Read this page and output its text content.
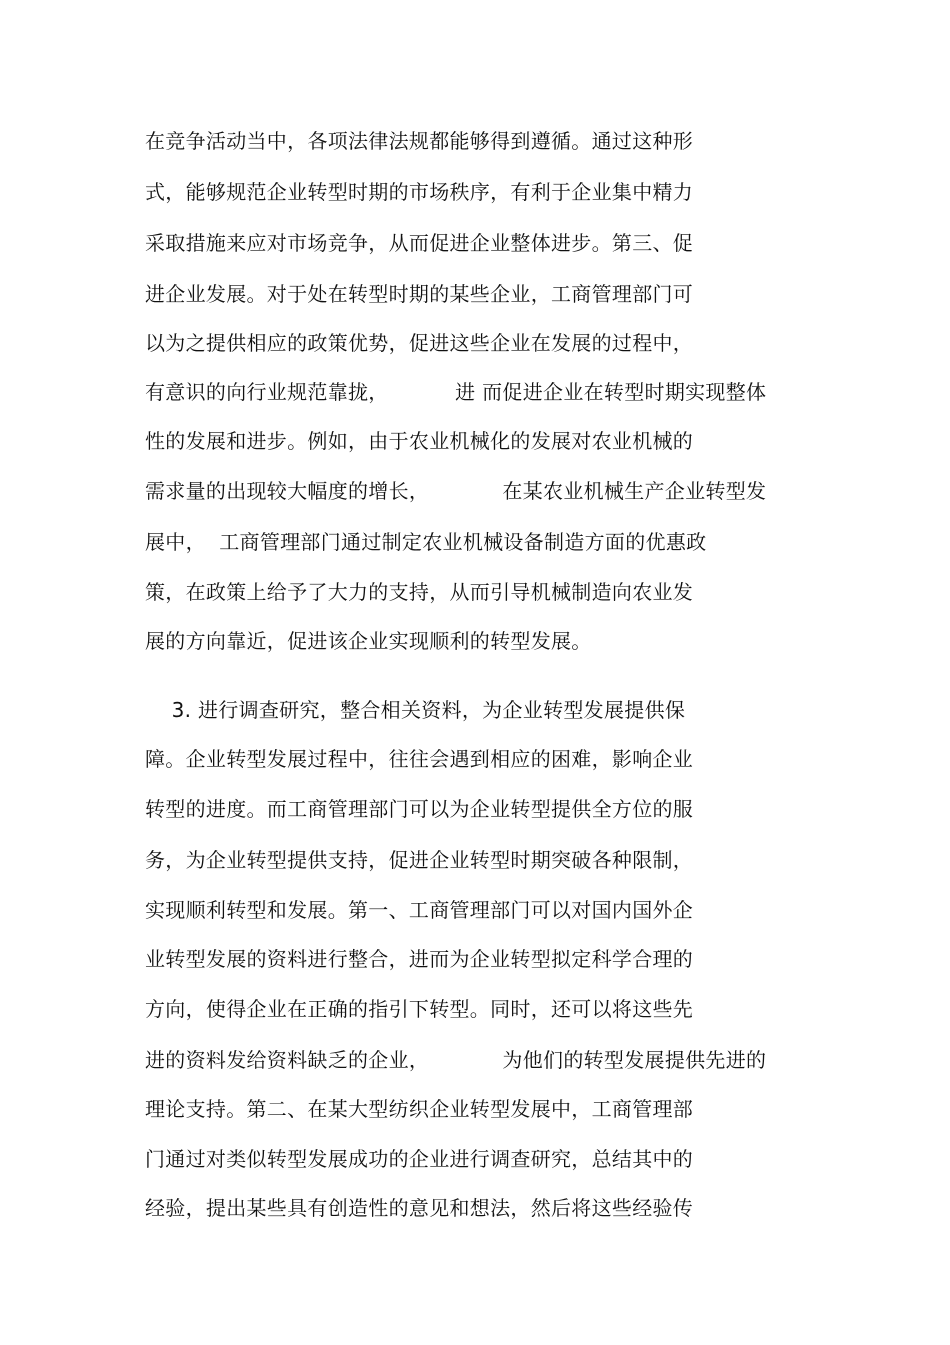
在竞争活动当中，各项法律法规都能够得到遵循。通过这种形
式，能够规范企业转型时期的市场秩序，有利于企业集中精力
采取措施来应对市场竞争，从而促进企业整体进步。第三、促
进企业发展。对于处在转型时期的某些企业，工商管理部门可
以为之提供相应的政策优势，促进这些企业在发展的过程中，
有意识的向行业规范靠拢，          进 而促进企业在转型时期实现整体
性的发展和进步。例如，由于农业机械化的发展对农业机械的
需求量的出现较大幅度的增长，           在某农业机械生产企业转型发
展中，  工商管理部门通过制定农业机械设备制造方面的优惠政
策，在政策上给予了大力的支持，从而引导机械制造向农业发
展的方向靠近，促进该企业实现顺利的转型发展。
3. 进行调查研究，整合相关资料，为企业转型发展提供保
障。企业转型发展过程中，往往会遇到相应的困难，影响企业
转型的进度。而工商管理部门可以为企业转型提供全方位的服
务，为企业转型提供支持，促进企业转型时期突破各种限制，
实现顺利转型和发展。第一、工商管理部门可以对国内国外企
业转型发展的资料进行整合，进而为企业转型拟定科学合理的
方向，使得企业在正确的指引下转型。同时，还可以将这些先
进的资料发给资料缺乏的企业，           为他们的转型发展提供先进的
理论支持。第二、在某大型纺织企业转型发展中，工商管理部
门通过对类似转型发展成功的企业进行调查研究，总结其中的
经验，提出某些具有创造性的意见和想法，然后将这些经验传
